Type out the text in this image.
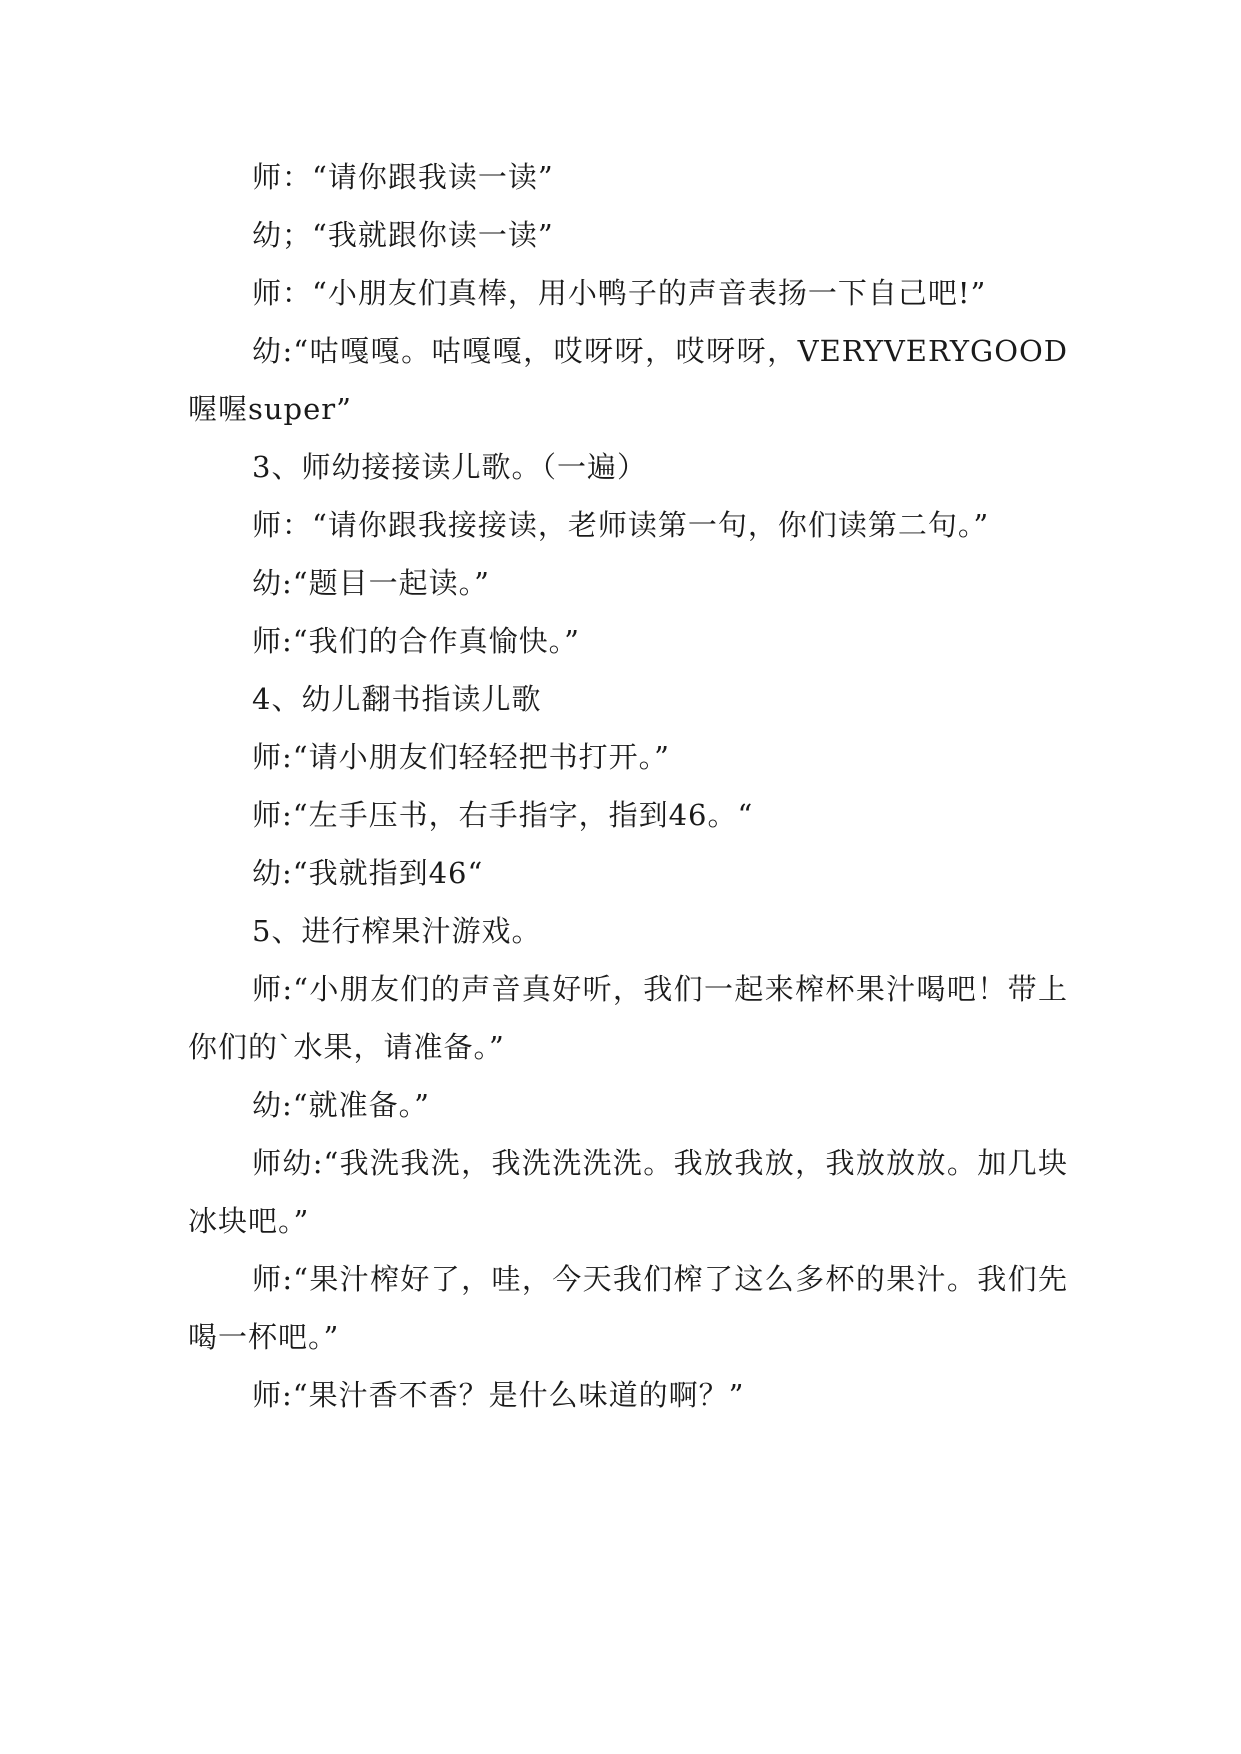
师：“请你跟我读一读”

幼；“我就跟你读一读”

师：“小朋友们真棒，用小鸭子的声音表扬一下自己吧!”

幼:“咕嘎嘎。咕嘎嘎，哎呀呀，哎呀呀，VERYVERYGOOD喔喔super”

3、师幼接接读儿歌。（一遍）

师：“请你跟我接接读，老师读第一句，你们读第二句。”

幼:“题目一起读。”

师:“我们的合作真愉快。”

4、幼儿翻书指读儿歌

师:“请小朋友们轻轻把书打开。”

师:“左手压书，右手指字，指到46。“

幼:“我就指到46“

5、进行榨果汁游戏。

师:“小朋友们的声音真好听，我们一起来榨杯果汁喝吧！带上你们的`水果，请准备。”

幼:“就准备。”

师幼:“我洗我洗，我洗洗洗洗。我放我放，我放放放。加几块冰块吧。”

师:“果汁榨好了，哇，今天我们榨了这么多杯的果汁。我们先喝一杯吧。”

师:“果汁香不香？是什么味道的啊？”
